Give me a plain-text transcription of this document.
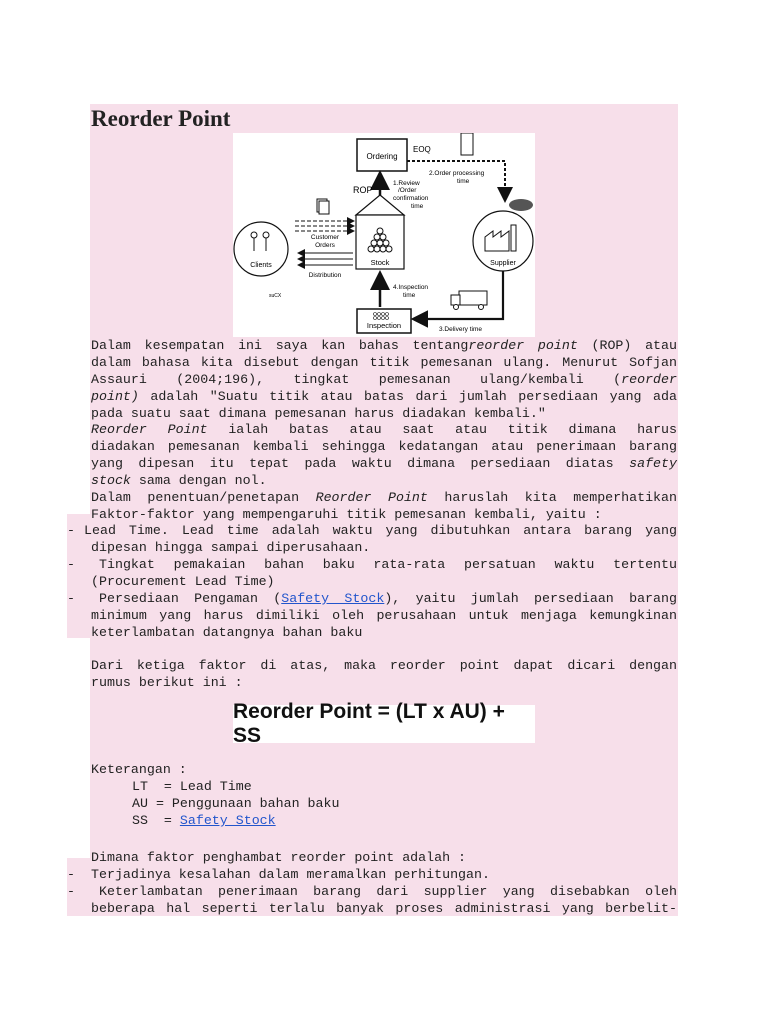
Reorder Point
Ordering
EOQ
2.Order processing
time
ROP
1.Review
/Order
confirmation
time
Stock
Customer
Orders
Distribution
Clients	Supplier
3.Delivery time
Inspection
4.Inspection
time
suCX
Dalam kesempatan ini saya kan bahas tentangreorder point (ROP) atau
dalam bahasa kita disebut dengan titik pemesanan ulang. Menurut Sofjan
Assauri (2004;196), tingkat pemesanan ulang/kembali (reorder
point) adalah "Suatu titik atau batas dari jumlah persediaan yang ada
pada suatu saat dimana pemesanan harus diadakan kembali."
Reorder Point ialah batas atau saat atau titik dimana harus
diadakan pemesanan kembali sehingga kedatangan atau penerimaan barang
yang dipesan itu tepat pada waktu dimana persediaan diatas safety
stock sama dengan nol.
Dalam penentuan/penetapan Reorder Point haruslah kita memperhatikan
Faktor-faktor yang mempengaruhi titik pemesanan kembali, yaitu :
- Lead Time. Lead time adalah waktu yang dibutuhkan antara barang yang
dipesan hingga sampai diperusahaan.
-	Tingkat pemakaian bahan baku rata-rata persatuan waktu tertentu
(Procurement Lead Time)
-	Persediaan Pengaman (Safety Stock), yaitu jumlah persediaan barang
minimum yang harus dimiliki oleh perusahaan untuk menjaga kemungkinan
keterlambatan datangnya bahan baku
Dari ketiga faktor di atas, maka reorder point dapat dicari dengan
rumus berikut ini :
Reorder Point = (LT x AU) + SS
Keterangan :
LT  = Lead Time
AU = Penggunaan bahan baku
SS  = Safety Stock
Dimana faktor penghambat reorder point adalah :
- Terjadinya kesalahan dalam meramalkan perhitungan.
-	Keterlambatan penerimaan barang dari supplier yang disebabkan oleh
beberapa hal seperti terlalu banyak proses administrasi yang berbelit-
